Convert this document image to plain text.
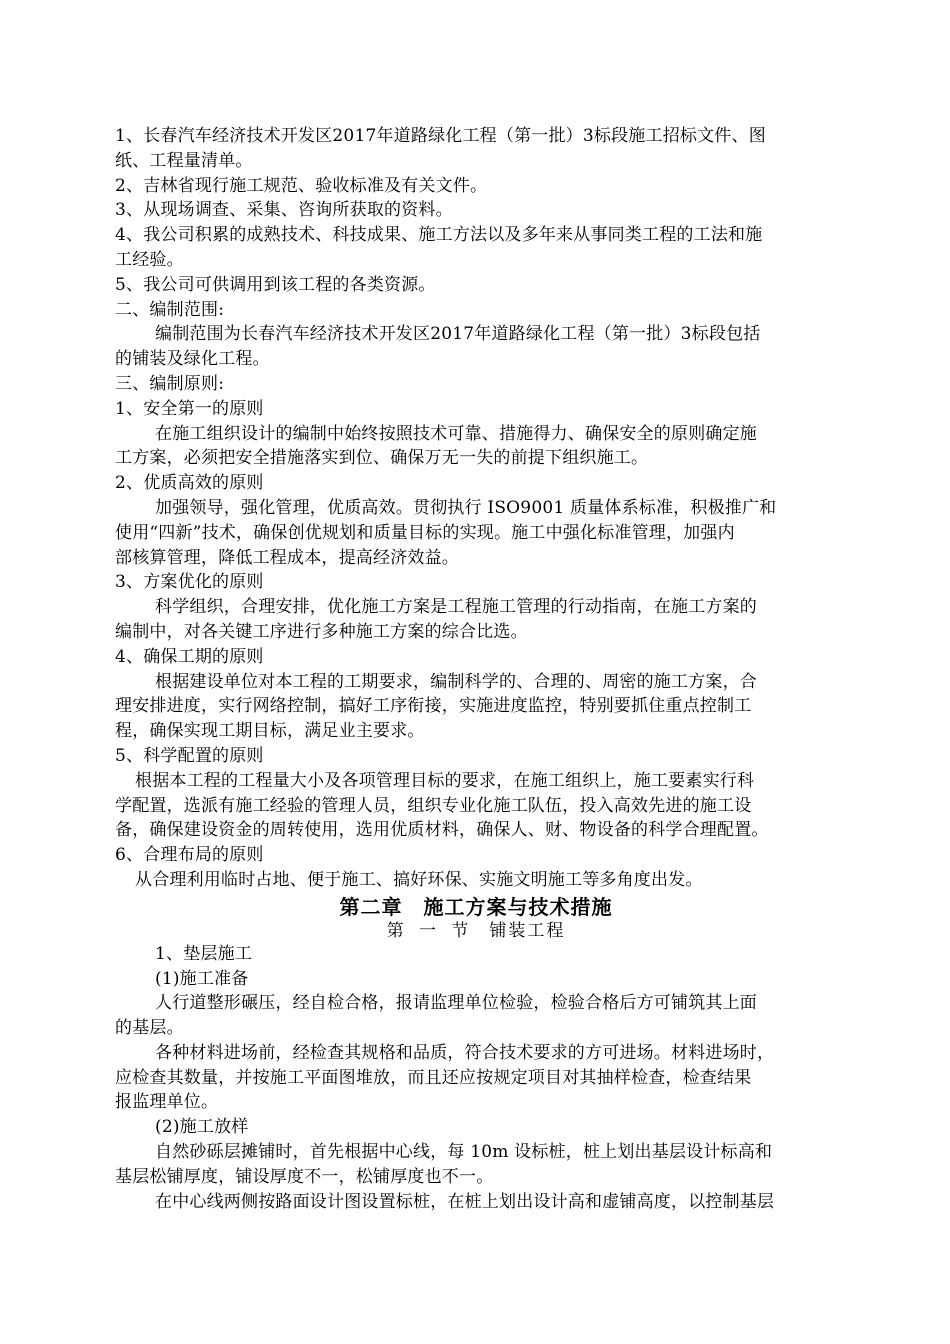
1、长春汽车经济技术开发区2017年道路绿化工程（第一批）3标段施工招标文件、图
纸、工程量清单。
2、吉林省现行施工规范、验收标准及有关文件。
3、从现场调查、采集、咨询所获取的资料。
4、我公司积累的成熟技术、科技成果、施工方法以及多年来从事同类工程的工法和施
工经验。
5、我公司可供调用到该工程的各类资源。
二、编制范围:
编制范围为长春汽车经济技术开发区2017年道路绿化工程（第一批）3标段包括
的铺装及绿化工程。
三、编制原则:
1、安全第一的原则
在施工组织设计的编制中始终按照技术可靠、措施得力、确保安全的原则确定施
工方案，必须把安全措施落实到位、确保万无一失的前提下组织施工。
2、优质高效的原则
加强领导，强化管理，优质高效。贯彻执行 ISO9001 质量体系标准，积极推广和
使用“四新”技术，确保创优规划和质量目标的实现。施工中强化标准管理，加强内
部核算管理，降低工程成本，提高经济效益。
3、方案优化的原则
科学组织，合理安排，优化施工方案是工程施工管理的行动指南，在施工方案的
编制中，对各关键工序进行多种施工方案的综合比选。
4、确保工期的原则
根据建设单位对本工程的工期要求，编制科学的、合理的、周密的施工方案，合
理安排进度，实行网络控制，搞好工序衔接，实施进度监控，特别要抓住重点控制工
程，确保实现工期目标，满足业主要求。
5、科学配置的原则
根据本工程的工程量大小及各项管理目标的要求，在施工组织上，施工要素实行科
学配置，选派有施工经验的管理人员，组织专业化施工队伍，投入高效先进的施工设
备，确保建设资金的周转使用，选用优质材料，确保人、财、物设备的科学合理配置。
6、合理布局的原则
从合理利用临时占地、便于施工、搞好环保、实施文明施工等多角度出发。
第二章　施工方案与技术措施
第 一 节　铺装工程
1、垫层施工
(1)施工准备
人行道整形碾压，经自检合格，报请监理单位检验，检验合格后方可铺筑其上面
的基层。
各种材料进场前，经检查其规格和品质，符合技术要求的方可进场。材料进场时，
应检查其数量，并按施工平面图堆放，而且还应按规定项目对其抽样检查，检查结果
报监理单位。
(2)施工放样
自然砂砾层摊铺时，首先根据中心线，每 10m 设标桩，桩上划出基层设计标高和
基层松铺厚度，铺设厚度不一，松铺厚度也不一。
在中心线两侧按路面设计图设置标桩，在桩上划出设计高和虚铺高度，以控制基层
